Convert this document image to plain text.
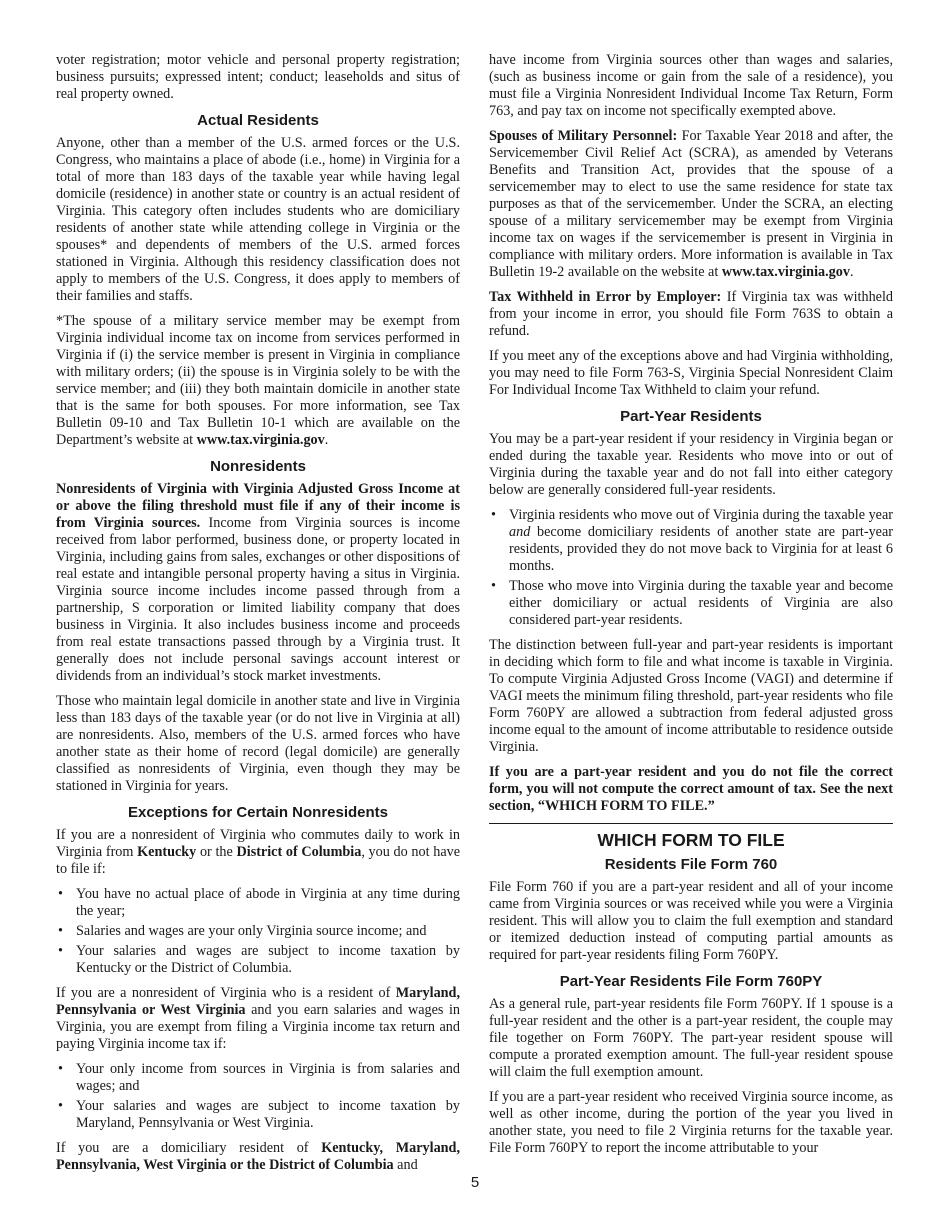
voter registration; motor vehicle and personal property registration; business pursuits; expressed intent; conduct; leaseholds and situs of real property owned.

Actual Residents

Anyone, other than a member of the U.S. armed forces or the U.S. Congress, who maintains a place of abode (i.e., home) in Virginia for a total of more than 183 days of the taxable year while having legal domicile (residence) in another state or country is an actual resident of Virginia. This category often includes students who are domiciliary residents of another state while attending college in Virginia or the spouses* and dependents of members of the U.S. armed forces stationed in Virginia. Although this residency classification does not apply to members of the U.S. Congress, it does apply to members of their families and staffs.

*The spouse of a military service member may be exempt from Virginia individual income tax on income from services performed in Virginia if (i) the service member is present in Virginia in compliance with military orders; (ii) the spouse is in Virginia solely to be with the service member; and (iii) they both maintain domicile in another state that is the same for both spouses. For more information, see Tax Bulletin 09-10 and Tax Bulletin 10-1 which are available on the Department’s website at www.tax.virginia.gov.

Nonresidents

Nonresidents of Virginia with Virginia Adjusted Gross Income at or above the filing threshold must file if any of their income is from Virginia sources. Income from Virginia sources is income received from labor performed, business done, or property located in Virginia, including gains from sales, exchanges or other dispositions of real estate and intangible personal property having a situs in Virginia. Virginia source income includes income passed through from a partnership, S corporation or limited liability company that does business in Virginia. It also includes business income and proceeds from real estate transactions passed through by a Virginia trust. It generally does not include personal savings account interest or dividends from an individual’s stock market investments.

Those who maintain legal domicile in another state and live in Virginia less than 183 days of the taxable year (or do not live in Virginia at all) are nonresidents. Also, members of the U.S. armed forces who have another state as their home of record (legal domicile) are generally classified as nonresidents of Virginia, even though they may be stationed in Virginia for years.

Exceptions for Certain Nonresidents

If you are a nonresident of Virginia who commutes daily to work in Virginia from Kentucky or the District of Columbia, you do not have to file if:

• You have no actual place of abode in Virginia at any time during the year;
• Salaries and wages are your only Virginia source income; and
• Your salaries and wages are subject to income taxation by Kentucky or the District of Columbia.

If you are a nonresident of Virginia who is a resident of Maryland, Pennsylvania or West Virginia and you earn salaries and wages in Virginia, you are exempt from filing a Virginia income tax return and paying Virginia income tax if:

• Your only income from sources in Virginia is from salaries and wages; and
• Your salaries and wages are subject to income taxation by Maryland, Pennsylvania or West Virginia.

If you are a domiciliary resident of Kentucky, Maryland, Pennsylvania, West Virginia or the District of Columbia and

have income from Virginia sources other than wages and salaries, (such as business income or gain from the sale of a residence), you must file a Virginia Nonresident Individual Income Tax Return, Form 763, and pay tax on income not specifically exempted above.

Spouses of Military Personnel: For Taxable Year 2018 and after, the Servicemember Civil Relief Act (SCRA), as amended by Veterans Benefits and Transition Act, provides that the spouse of a servicemember may to elect to use the same residence for state tax purposes as that of the servicemember. Under the SCRA, an electing spouse of a military servicemember may be exempt from Virginia income tax on wages if the servicemember is present in Virginia in compliance with military orders. More information is available in Tax Bulletin 19-2 available on the website at www.tax.virginia.gov.

Tax Withheld in Error by Employer: If Virginia tax was withheld from your income in error, you should file Form 763S to obtain a refund.

If you meet any of the exceptions above and had Virginia withholding, you may need to file Form 763-S, Virginia Special Nonresident Claim For Individual Income Tax Withheld to claim your refund.

Part-Year Residents

You may be a part-year resident if your residency in Virginia began or ended during the taxable year. Residents who move into or out of Virginia during the taxable year and do not fall into either category below are generally considered full-year residents.

• Virginia residents who move out of Virginia during the taxable year and become domiciliary residents of another state are part-year residents, provided they do not move back to Virginia for at least 6 months.
• Those who move into Virginia during the taxable year and become either domiciliary or actual residents of Virginia are also considered part-year residents.

The distinction between full-year and part-year residents is important in deciding which form to file and what income is taxable in Virginia. To compute Virginia Adjusted Gross Income (VAGI) and determine if VAGI meets the minimum filing threshold, part-year residents who file Form 760PY are allowed a subtraction from federal adjusted gross income equal to the amount of income attributable to residence outside Virginia.

If you are a part-year resident and you do not file the correct form, you will not compute the correct amount of tax. See the next section, “WHICH FORM TO FILE.”

WHICH FORM TO FILE
Residents File Form 760

File Form 760 if you are a part-year resident and all of your income came from Virginia sources or was received while you were a Virginia resident. This will allow you to claim the full exemption and standard or itemized deduction instead of computing partial amounts as required for part-year residents filing Form 760PY.

Part-Year Residents File Form 760PY

As a general rule, part-year residents file Form 760PY. If 1 spouse is a full-year resident and the other is a part-year resident, the couple may file together on Form 760PY. The part-year resident spouse will compute a prorated exemption amount. The full-year resident spouse will claim the full exemption amount.

If you are a part-year resident who received Virginia source income, as well as other income, during the portion of the year you lived in another state, you need to file 2 Virginia returns for the taxable year. File Form 760PY to report the income attributable to your

5
